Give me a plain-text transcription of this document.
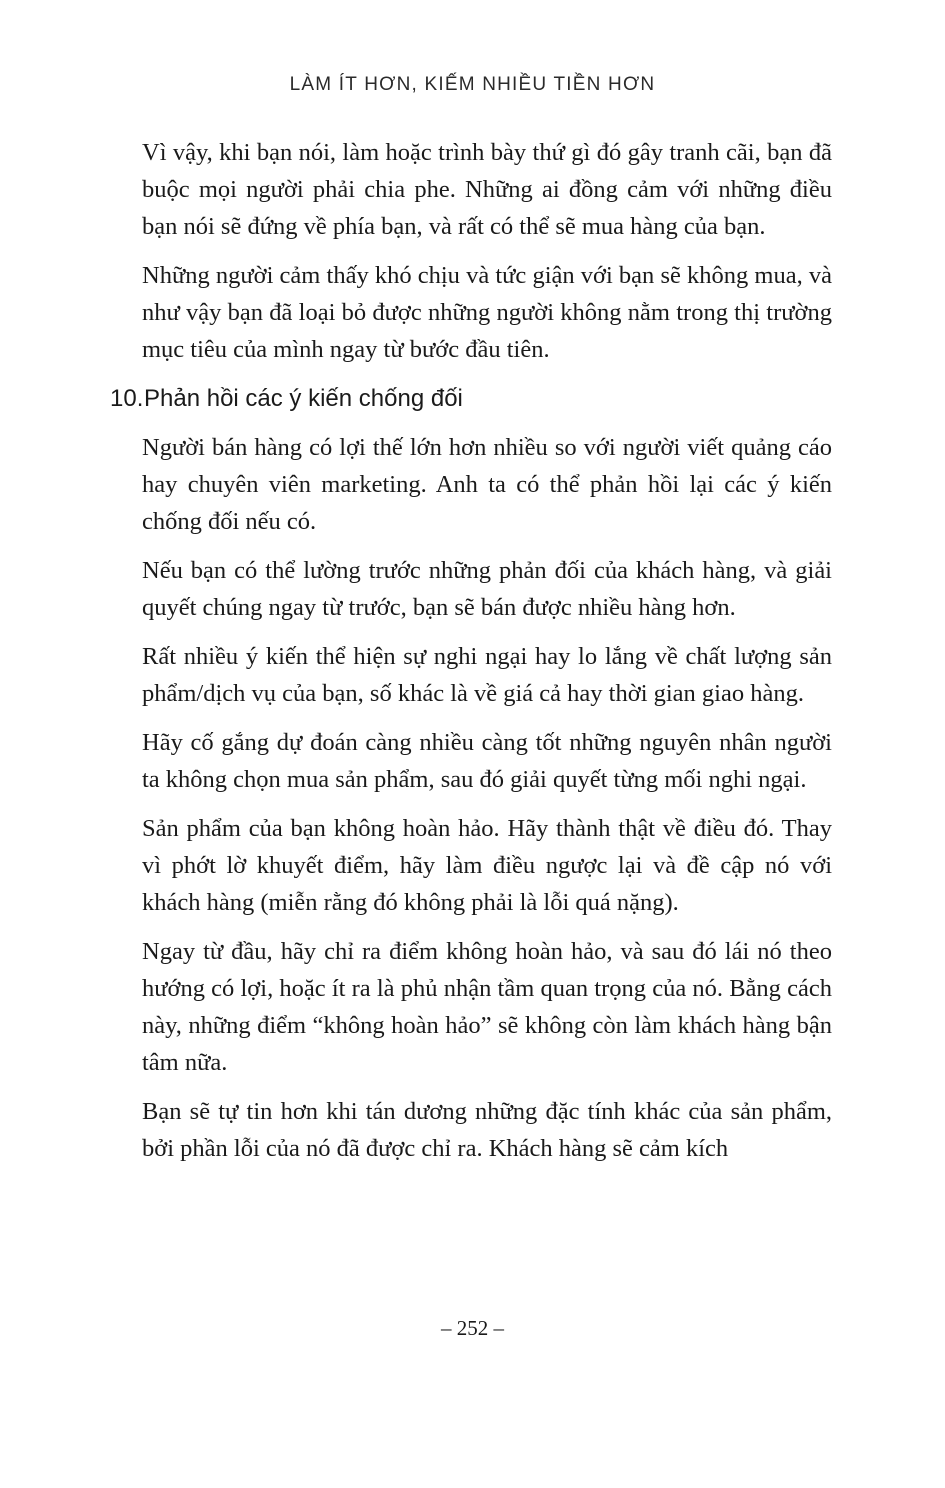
LÀM ÍT HƠN, KIẾM NHIỀU TIỀN HƠN

Vì vậy, khi bạn nói, làm hoặc trình bày thứ gì đó gây tranh cãi, bạn đã buộc mọi người phải chia phe. Những ai đồng cảm với những điều bạn nói sẽ đứng về phía bạn, và rất có thể sẽ mua hàng của bạn.

Những người cảm thấy khó chịu và tức giận với bạn sẽ không mua, và như vậy bạn đã loại bỏ được những người không nằm trong thị trường mục tiêu của mình ngay từ bước đầu tiên.

10.Phản hồi các ý kiến chống đối

Người bán hàng có lợi thế lớn hơn nhiều so với người viết quảng cáo hay chuyên viên marketing. Anh ta có thể phản hồi lại các ý kiến chống đối nếu có.

Nếu bạn có thể lường trước những phản đối của khách hàng, và giải quyết chúng ngay từ trước, bạn sẽ bán được nhiều hàng hơn.

Rất nhiều ý kiến thể hiện sự nghi ngại hay lo lắng về chất lượng sản phẩm/dịch vụ của bạn, số khác là về giá cả hay thời gian giao hàng.

Hãy cố gắng dự đoán càng nhiều càng tốt những nguyên nhân người ta không chọn mua sản phẩm, sau đó giải quyết từng mối nghi ngại.

Sản phẩm của bạn không hoàn hảo. Hãy thành thật về điều đó. Thay vì phớt lờ khuyết điểm, hãy làm điều ngược lại và đề cập nó với khách hàng (miễn rằng đó không phải là lỗi quá nặng).

Ngay từ đầu, hãy chỉ ra điểm không hoàn hảo, và sau đó lái nó theo hướng có lợi, hoặc ít ra là phủ nhận tầm quan trọng của nó. Bằng cách này, những điểm “không hoàn hảo” sẽ không còn làm khách hàng bận tâm nữa.

Bạn sẽ tự tin hơn khi tán dương những đặc tính khác của sản phẩm, bởi phần lỗi của nó đã được chỉ ra. Khách hàng sẽ cảm kích

– 252 –
